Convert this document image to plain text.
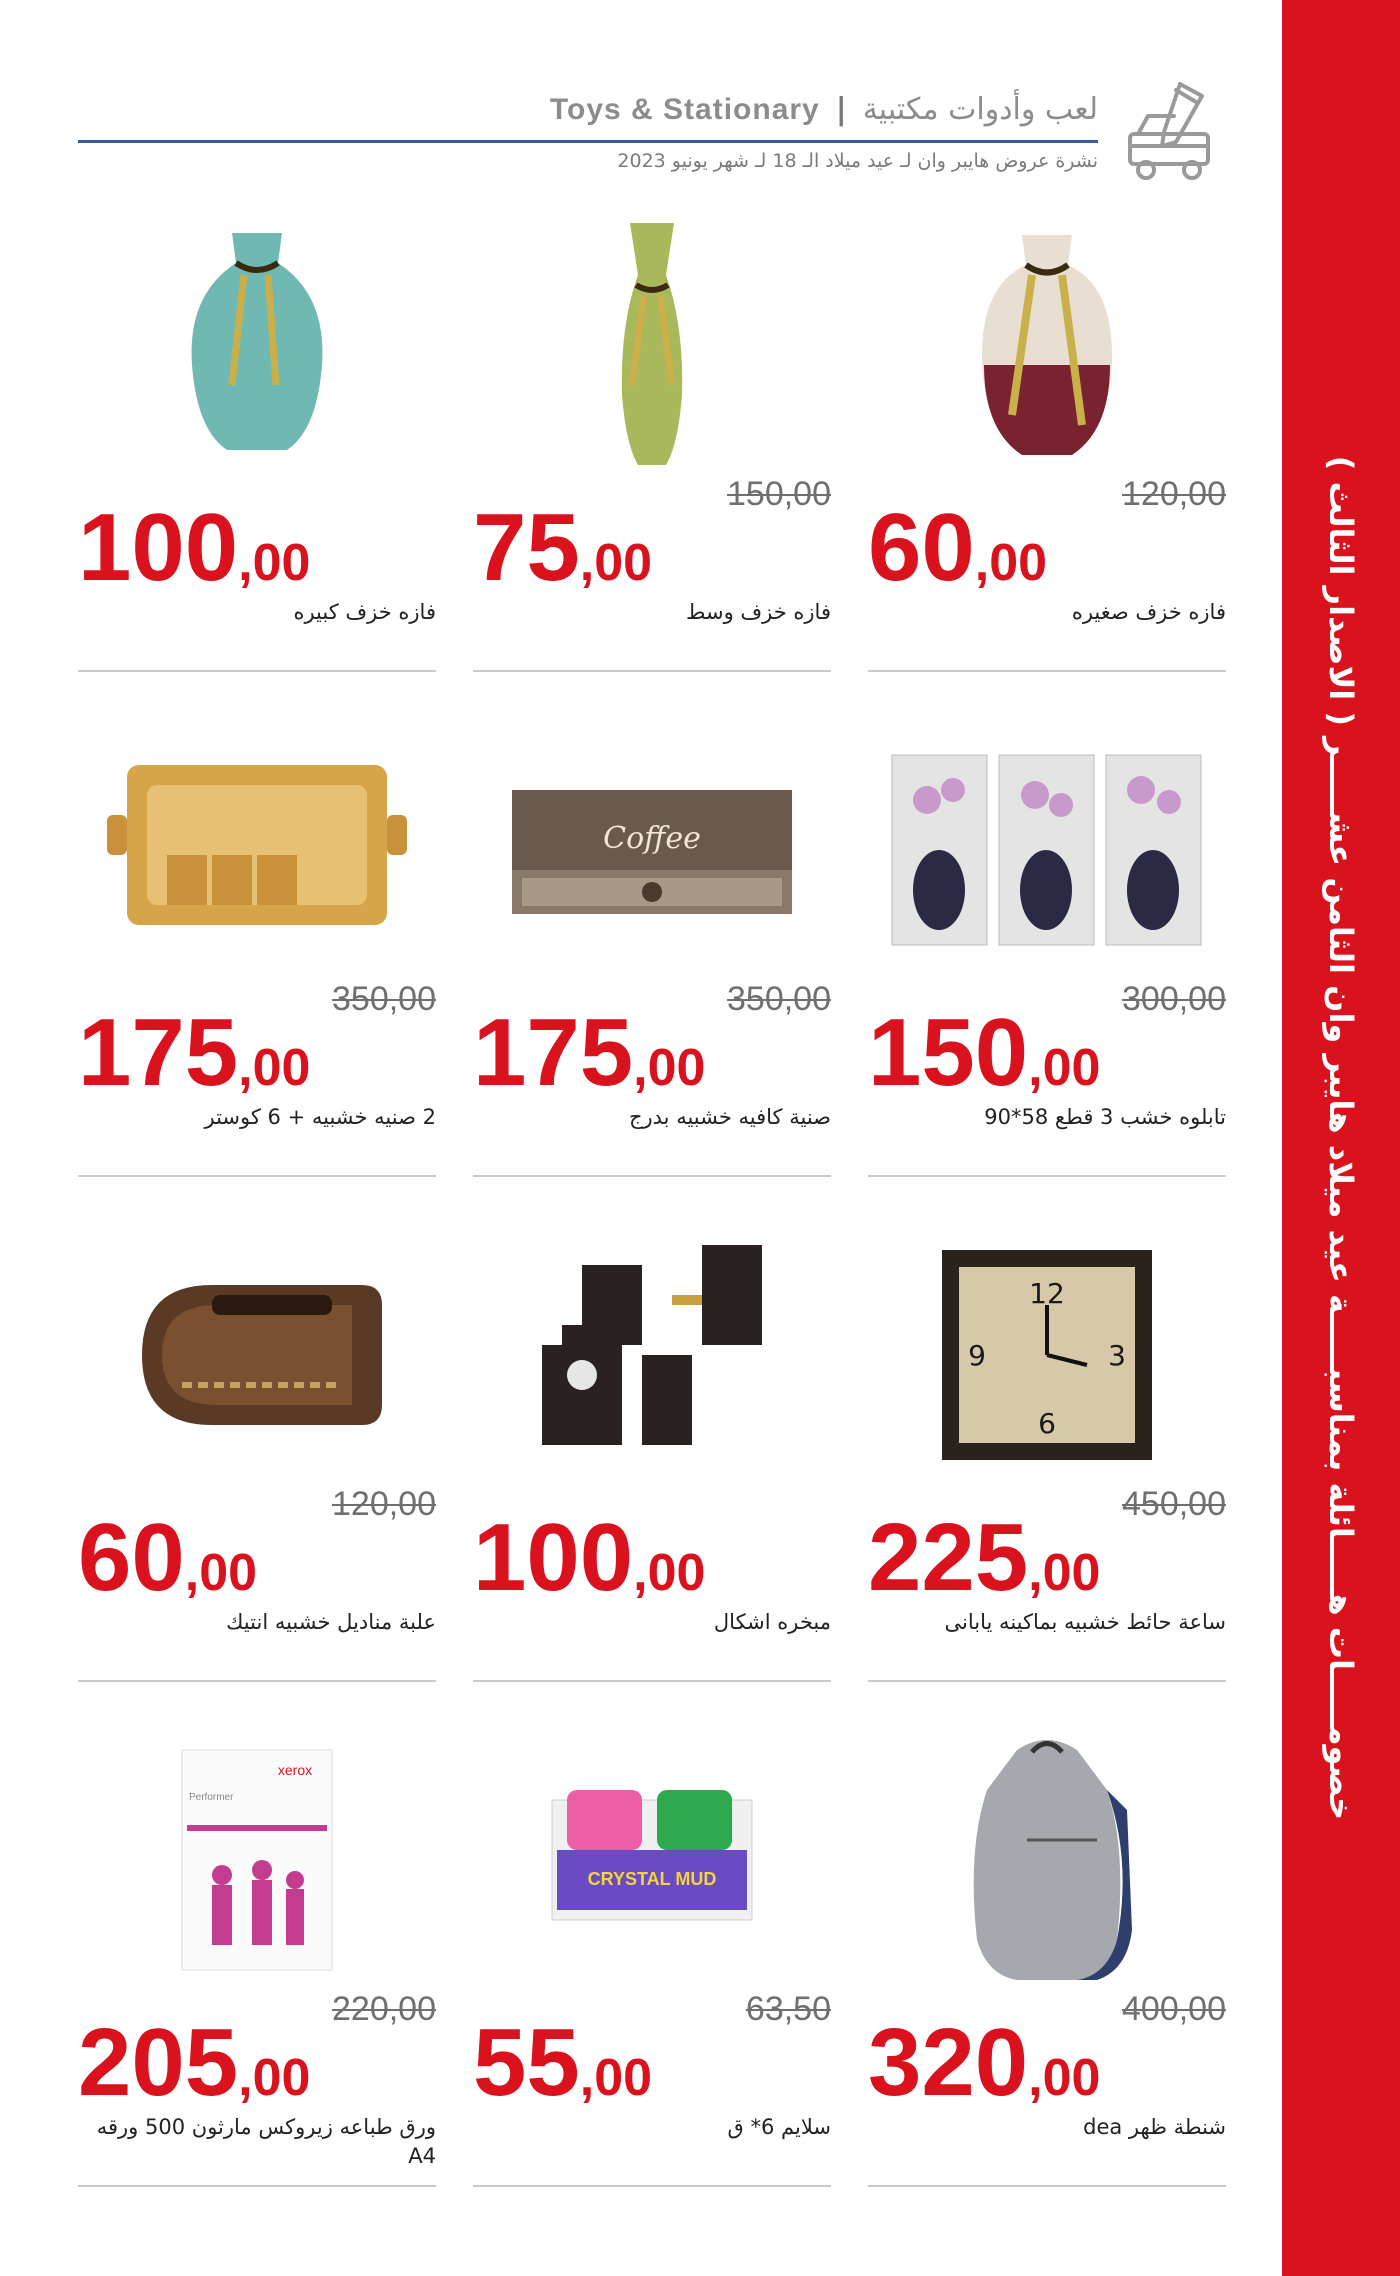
خصومـــــات هـــــائلة بمناسبـــــة عيد ميلاد هايبر وان الثامن عشـــــر ( الاصدار الثالث )
Toys & Stationary | لعب وأدوات مكتبية
نشرة عروض هايبر وان لـ عيد ميلاد الـ 18 لـ شهر يونيو 2023
120,00
60,00
فازه خزف صغيره
150,00
75,00
فازه خزف وسط
100,00
فازه خزف كبيره
300,00
150,00
تابلوه خشب 3 قطع 58*90
Coffee
350,00
175,00
صنية كافيه خشبيه بدرج
350,00
175,00
2 صنيه خشبيه + 6 كوستر
12
3
6
9
450,00
225,00
ساعة حائط خشبيه بماكينه يابانى
100,00
مبخره اشكال
120,00
60,00
علبة مناديل خشبيه انتيك
400,00
320,00
شنطة ظهر dea
CRYSTAL MUD
63,50
55,00
سلايم 6* ق
xerox
Performer
220,00
205,00
ورق طباعه زيروكس مارثون 500 ورقه A4
